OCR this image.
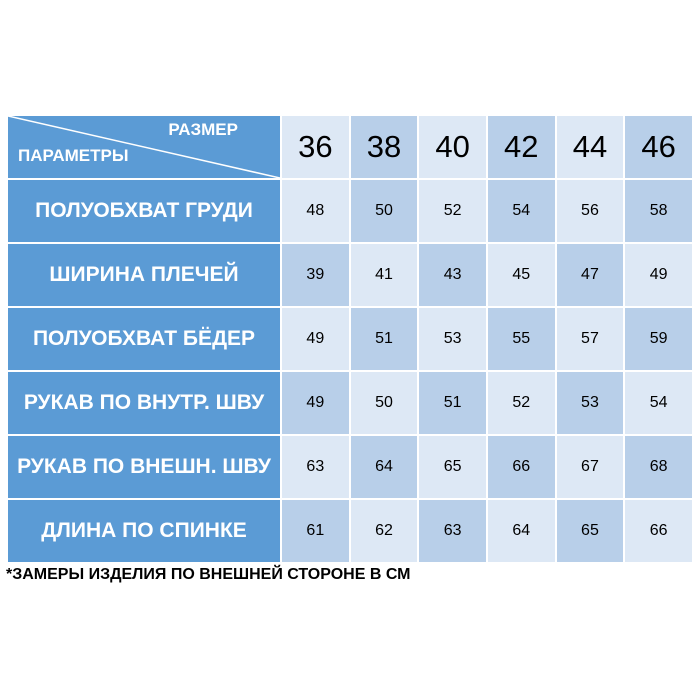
РАЗМЕР
ПАРАМЕТРЫ	36	38	40	42	44	46
ПОЛУОБХВАТ ГРУДИ	48	50	52	54	56	58
ШИРИНА ПЛЕЧЕЙ	39	41	43	45	47	49
ПОЛУОБХВАТ БЁДЕР	49	51	53	55	57	59
РУКАВ ПО ВНУТР. ШВУ	49	50	51	52	53	54
РУКАВ ПО ВНЕШН. ШВУ	63	64	65	66	67	68
ДЛИНА ПО СПИНКЕ	61	62	63	64	65	66
*ЗАМЕРЫ ИЗДЕЛИЯ ПО ВНЕШНЕЙ СТОРОНЕ В СМ
